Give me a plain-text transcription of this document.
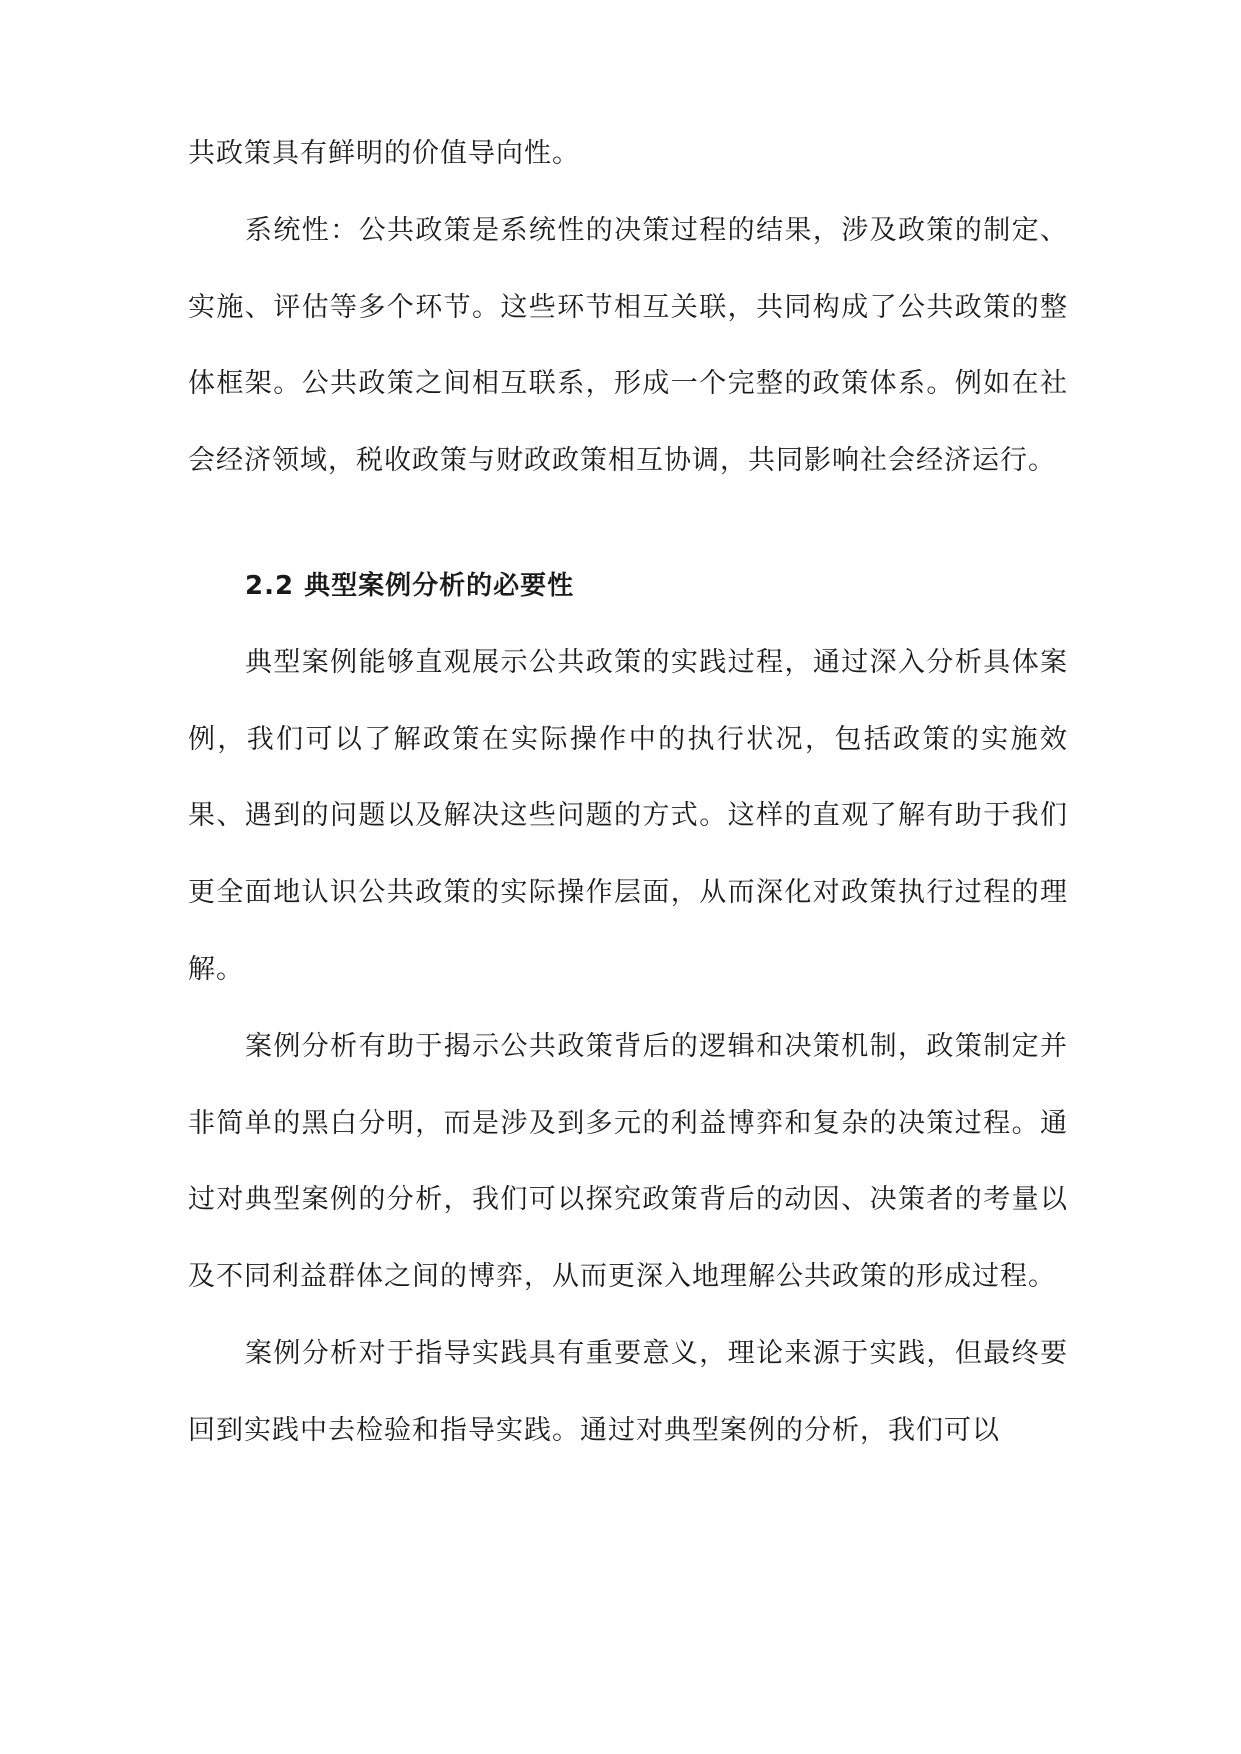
共政策具有鲜明的价值导向性。

系统性：公共政策是系统性的决策过程的结果，涉及政策的制定、实施、评估等多个环节。这些环节相互关联，共同构成了公共政策的整体框架。公共政策之间相互联系，形成一个完整的政策体系。例如在社会经济领域，税收政策与财政政策相互协调，共同影响社会经济运行。

2.2 典型案例分析的必要性

典型案例能够直观展示公共政策的实践过程，通过深入分析具体案例，我们可以了解政策在实际操作中的执行状况，包括政策的实施效果、遇到的问题以及解决这些问题的方式。这样的直观了解有助于我们更全面地认识公共政策的实际操作层面，从而深化对政策执行过程的理解。

案例分析有助于揭示公共政策背后的逻辑和决策机制，政策制定并非简单的黑白分明，而是涉及到多元的利益博弈和复杂的决策过程。通过对典型案例的分析，我们可以探究政策背后的动因、决策者的考量以及不同利益群体之间的博弈，从而更深入地理解公共政策的形成过程。

案例分析对于指导实践具有重要意义，理论来源于实践，但最终要回到实践中去检验和指导实践。通过对典型案例的分析，我们可以
